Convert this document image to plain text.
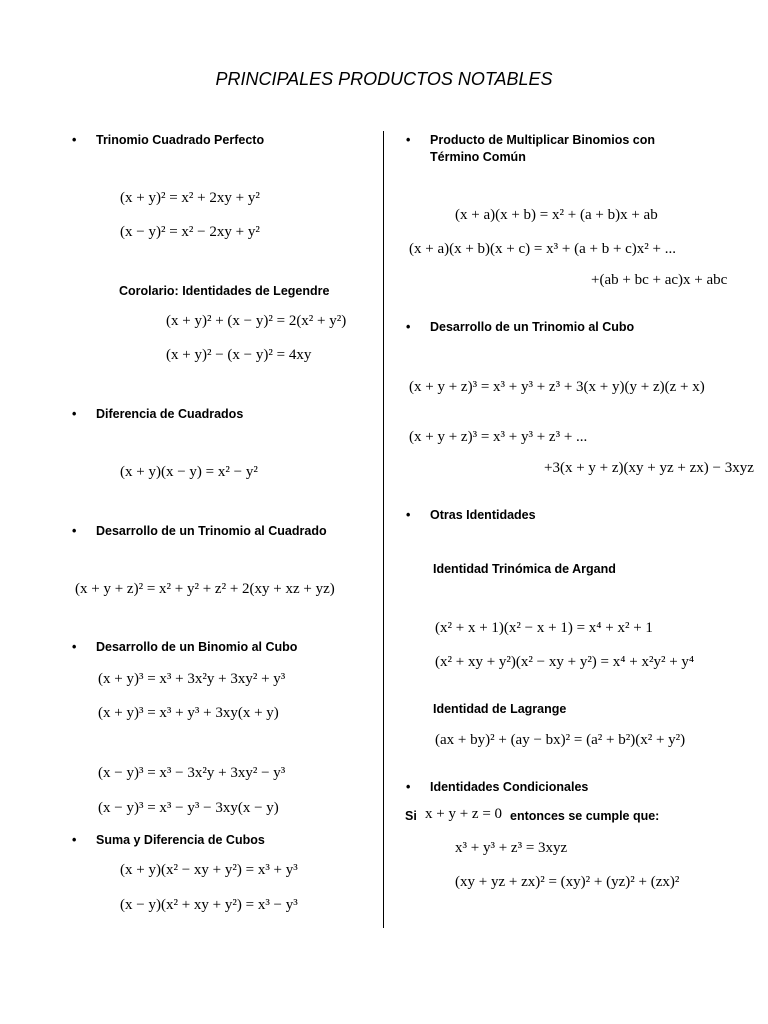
PRINCIPALES PRODUCTOS NOTABLES
• Trinomio Cuadrado Perfecto
(x + y)² = x² + 2xy + y²
(x − y)² = x² − 2xy + y²
Corolario: Identidades de Legendre
(x + y)² + (x − y)² = 2(x² + y²)
(x + y)² − (x − y)² = 4xy
• Diferencia de Cuadrados
(x + y)(x − y) = x² − y²
• Desarrollo de un Trinomio al Cuadrado
(x + y + z)² = x² + y² + z² + 2(xy + xz + yz)
• Desarrollo de un Binomio al Cubo
(x + y)³ = x³ + 3x²y + 3xy² + y³
(x + y)³ = x³ + y³ + 3xy(x + y)
(x − y)³ = x³ − 3x²y + 3xy² − y³
(x − y)³ = x³ − y³ − 3xy(x − y)
• Suma y Diferencia de Cubos
(x + y)(x² − xy + y²) = x³ + y³
(x − y)(x² + xy + y²) = x³ − y³
• Producto de Multiplicar Binomios con
Término Común
(x + a)(x + b) = x² + (a + b)x + ab
(x + a)(x + b)(x + c) = x³ + (a + b + c)x² + ...
+(ab + bc + ac)x + abc
• Desarrollo de un Trinomio al Cubo
(x + y + z)³ = x³ + y³ + z³ + 3(x + y)(y + z)(z + x)
(x + y + z)³ = x³ + y³ + z³ + ...
+3(x + y + z)(xy + yz + zx) − 3xyz
• Otras Identidades
Identidad Trinómica de Argand
(x² + x + 1)(x² − x + 1) = x⁴ + x² + 1
(x² + xy + y²)(x² − xy + y²) = x⁴ + x²y² + y⁴
Identidad de Lagrange
(ax + by)² + (ay − bx)² = (a² + b²)(x² + y²)
• Identidades Condicionales
Si x + y + z = 0 entonces se cumple que:
x³ + y³ + z³ = 3xyz
(xy + yz + zx)² = (xy)² + (yz)² + (zx)²
